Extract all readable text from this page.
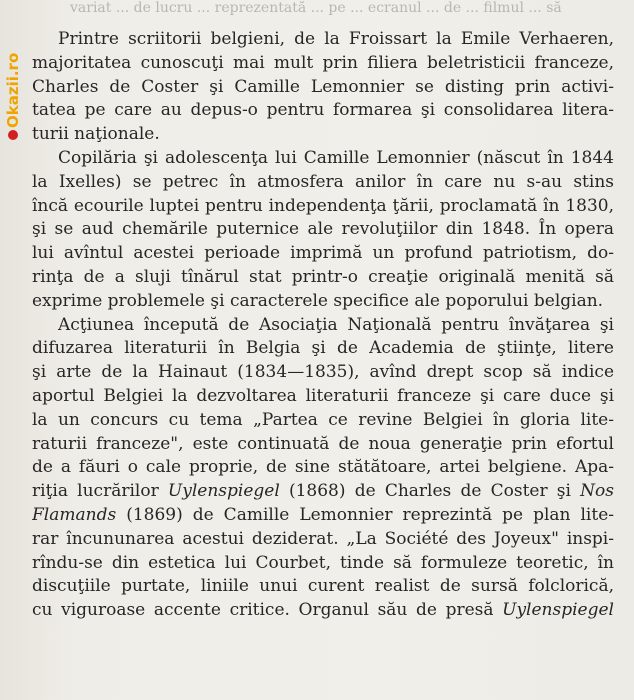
variat ... de lucru ... reprezentată ... pe ... ecranul ... de ... filmul ... să
Okazii.ro
Printre scriitorii belgieni, de la Froissart la Emile Verhaeren,
majoritatea cunoscuţi mai mult prin filiera beletristicii franceze,
Charles de Coster şi Camille Lemonnier se disting prin activi-
tatea pe care au depus-o pentru formarea şi consolidarea litera-
turii naţionale.
Copilăria şi adolescenţa lui Camille Lemonnier (născut în 1844
la Ixelles) se petrec în atmosfera anilor în care nu s-au stins
încă ecourile luptei pentru independenţa ţării, proclamată în 1830,
şi se aud chemările puternice ale revoluţiilor din 1848. În opera
lui avîntul acestei perioade imprimă un profund patriotism, do-
rinţa de a sluji tînărul stat printr-o creaţie originală menită să
exprime problemele şi caracterele specifice ale poporului belgian.
Acţiunea începută de Asociaţia Naţională pentru învăţarea şi
difuzarea literaturii în Belgia şi de Academia de ştiinţe, litere
şi arte de la Hainaut (1834—1835), avînd drept scop să indice
aportul Belgiei la dezvoltarea literaturii franceze şi care duce şi
la un concurs cu tema „Partea ce revine Belgiei în gloria lite-
raturii franceze", este continuată de noua generaţie prin efortul
de a făuri o cale proprie, de sine stătătoare, artei belgiene. Apa-
riţia lucrărilor Uylenspiegel (1868) de Charles de Coster şi Nos
Flamands (1869) de Camille Lemonnier reprezintă pe plan lite-
rar încununarea acestui deziderat. „La Société des Joyeux" inspi-
rîndu-se din estetica lui Courbet, tinde să formuleze teoretic, în
discuţiile purtate, liniile unui curent realist de sursă folclorică,
cu viguroase accente critice. Organul său de presă Uylenspiegel
